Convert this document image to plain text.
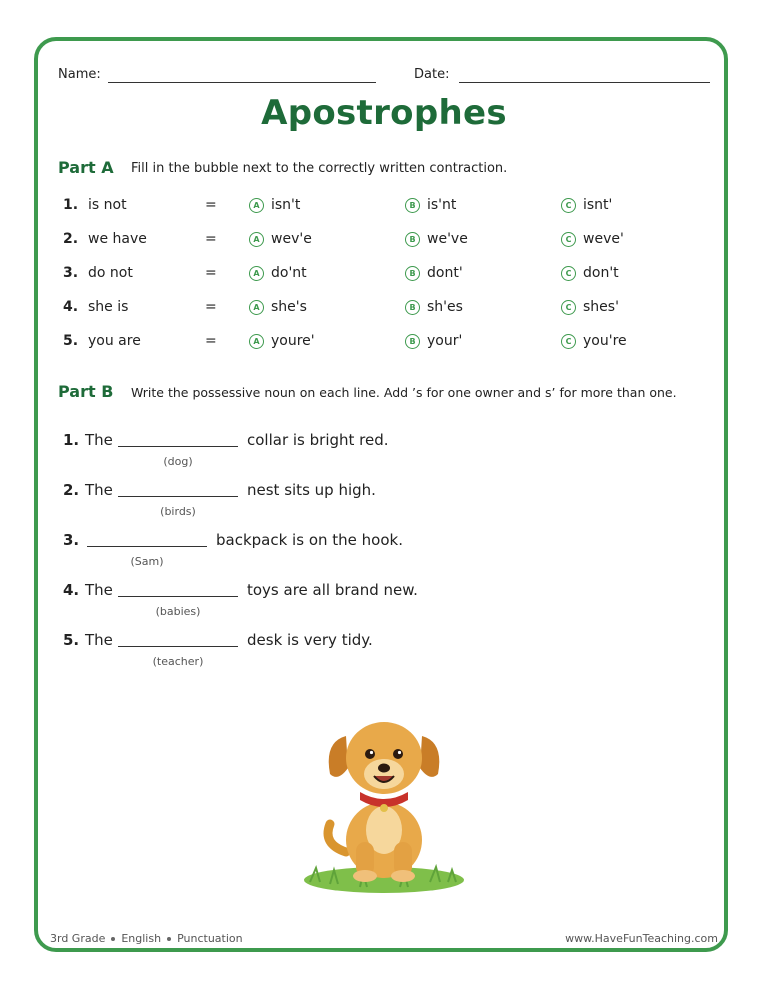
Name:	Date:
Apostrophes
Part A Fill in the bubble next to the correctly written contraction.
1. is not	=	A isn't	B is'nt	C isnt'
2. we have	=	A wev'e	B we've	C weve'
3. do not	=	A do'nt	B dont'	C don't
4. she is	=	A she's	B sh'es	C shes'
5. you are	=	A youre'	B your'	C you're
Part B Write the possessive noun on each line. Add ’s for one owner and s’ for more than one.
1. The	collar is bright red.
(dog)
2. The	nest sits up high.
(birds)
3.	backpack is on the hook.
(Sam)
4. The	toys are all brand new.
(babies)
5. The	desk is very tidy.
(teacher)
3rd Grade English Punctuation	www.HaveFunTeaching.com
